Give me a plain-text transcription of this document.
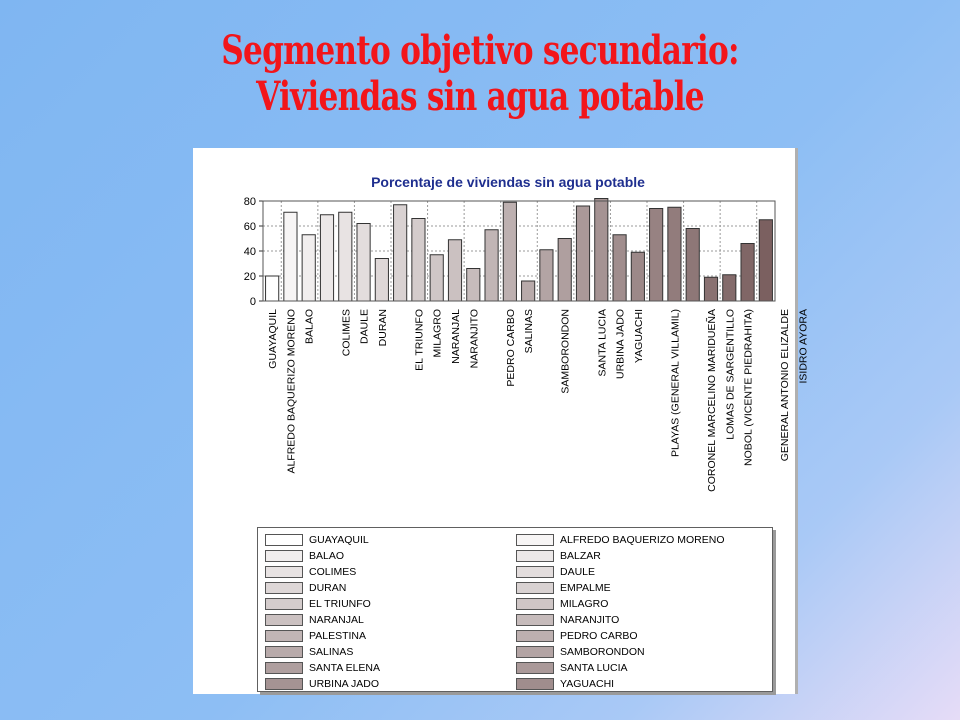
Segmento objetivo secundario:
Viviendas sin agua potable
Porcentaje de viviendas sin agua potable
0
20
40
60
80
GUAYAQUIL ALFREDO BAQUERIZO MORENO BALAO COLIMES DAULE DURAN EL TRIUNFO MILAGRO NARANJAL NARANJITO PEDRO CARBO SALINAS SAMBORONDON SANTA LUCIA URBINA JADO YAGUACHI PLAYAS (GENERAL VILLAMIL) CORONEL MARCELINO MARIDUEÑA LOMAS DE SARGENTILLO NOBOL (VICENTE PIEDRAHITA) GENERAL ANTONIO ELIZALDE ISIDRO AYORA
GUAYAQUIL	ALFREDO BAQUERIZO MORENO
BALAO	BALZAR
COLIMES	DAULE
DURAN	EMPALME
EL TRIUNFO	MILAGRO
NARANJAL	NARANJITO
PALESTINA	PEDRO CARBO
SALINAS	SAMBORONDON
SANTA ELENA	SANTA LUCIA
URBINA JADO	YAGUACHI
